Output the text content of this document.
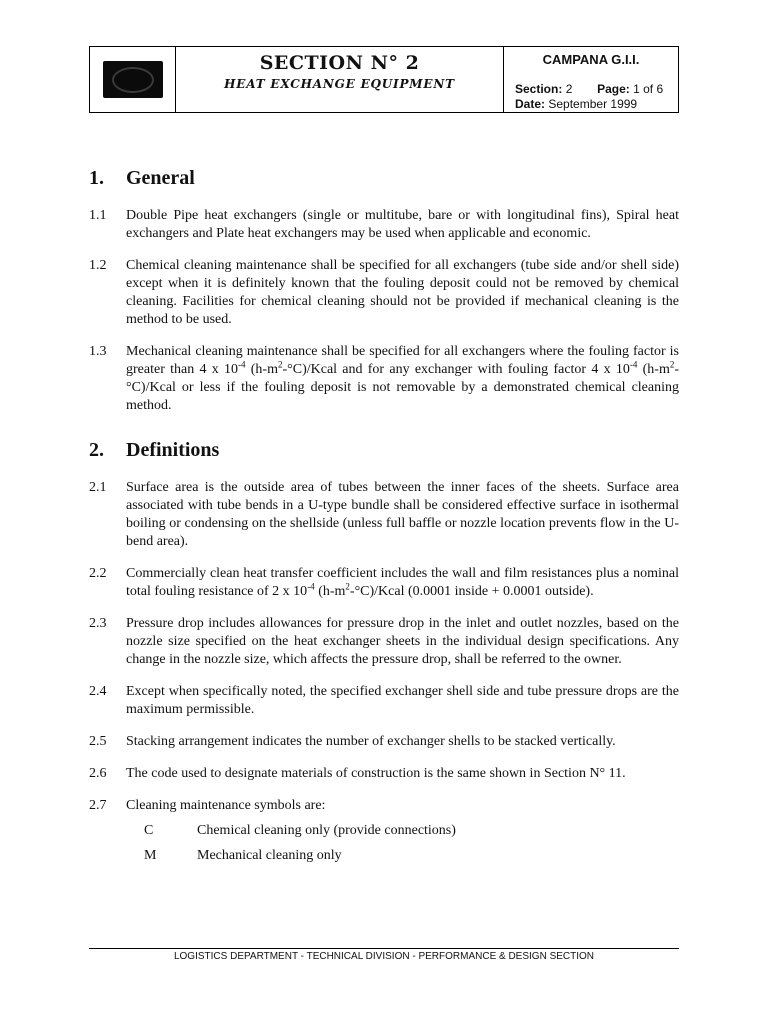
SECTION N° 2
HEAT EXCHANGE EQUIPMENT
CAMPANA G.I.I.
Section: 2 Page: 1 of 6
Date: September 1999
1.	General
1.1	Double Pipe heat exchangers (single or multitube, bare or with longitudinal fins), Spiral heat exchangers and Plate heat exchangers may be used when applicable and economic.
1.2	Chemical cleaning maintenance shall be specified for all exchangers (tube side and/or shell side) except when it is definitely known that the fouling deposit could not be removed by chemical cleaning. Facilities for chemical cleaning should not be provided if mechanical cleaning is the method to be used.
1.3	Mechanical cleaning maintenance shall be specified for all exchangers where the fouling factor is greater than 4 x $10^{-4}$ $(h-m^2-^\circ C)$/Kcal and for any exchanger with fouling factor 4 x $10^{-4}$ $(h-m^2-^\circ C)$/Kcal or less if the fouling deposit is not removable by a demonstrated chemical cleaning method.
2.	Definitions
2.1	Surface area is the outside area of tubes between the inner faces of the sheets. Surface area associated with tube bends in a U-type bundle shall be considered effective surface in isothermal boiling or condensing on the shellside (unless full baffle or nozzle location prevents flow in the U-bend area).
2.2	Commercially clean heat transfer coefficient includes the wall and film resistances plus a nominal total fouling resistance of 2 x $10^{-4}$ $(h-m^2-^\circ C)$/Kcal (0.0001 inside + 0.0001 outside).
2.3	Pressure drop includes allowances for pressure drop in the inlet and outlet nozzles, based on the nozzle size specified on the heat exchanger sheets in the individual design specifications. Any change in the nozzle size, which affects the pressure drop, shall be referred to the owner.
2.4	Except when specifically noted, the specified exchanger shell side and tube pressure drops are the maximum permissible.
2.5	Stacking arrangement indicates the number of exchanger shells to be stacked vertically.
2.6	The code used to designate materials of construction is the same shown in Section N° 11.
2.7	Cleaning maintenance symbols are:
C	Chemical cleaning only (provide connections)
M	Mechanical cleaning only
LOGISTICS DEPARTMENT - TECHNICAL DIVISION - PERFORMANCE & DESIGN SECTION
